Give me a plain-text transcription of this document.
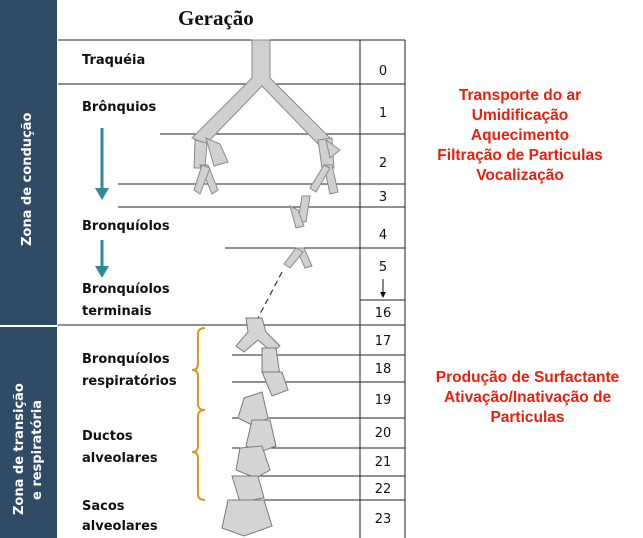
Zona de condução
Zona de transição e respiratória
Geração
Traquéia
Brônquios
Bronquíolos
Bronquíolos
terminais
Bronquíolos
respiratórios
Ductos
alveolares
Sacos
alveolares
0
1
2
3
4
5
16
17
18
19
20
21
22
23
Transporte do ar
Umidificação
Aquecimento
Filtração de Particulas
Vocalização
Produção de Surfactante
Ativação/Inativação de
Particulas
